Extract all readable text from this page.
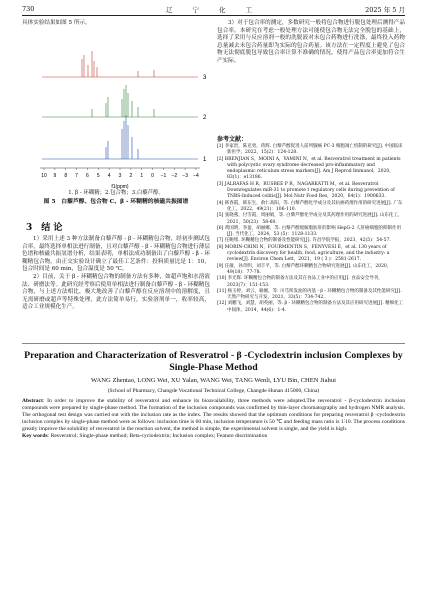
730	辽 宁 化 工	2025 年 5 月

具体实验结果如图 5 所示。

3
2
1
10 9 8 7 6 5 4 3 2 1 0 −1 −2 −3 −4
f1(ppm)
1. β - 环糊精；2.包合物；3.白藜芦醇。
图 5　白藜芦醇、包合物 C、β - 环糊精的核磁共振图谱
3　结 论

1）采用上述 3 种方法制备白藜芦醇 - β - 环糊精包合物，经初步测试包合率，最终选择单相法进行制备，且对白藜芦醇 - β - 环糊精包合物进行薄层色谱和核磁共振氢谱分析，结果表明，单相法成功制备出了白藜芦醇 - β - 环糊精包合物。由正交实验设计确立了最佳工艺条件：投料质量比是 1：10，包合时间是 60 min，包合温度是 50 ℃。

2）目前，关于 β - 环糊精包合物的制备方法有多种，如超声饱和水溶液法、研磨法等。此研究经考察后使用单相法进行制备白藜芦醇 - β - 环糊精包合物，与上述方法相比，极大地改善了白藜芦醇在反应溶剂中的溶解度，且无需研磨或超声等特殊处理，此方法简单易行，实验溶剂单一，收率较高，适合工业规模化生产。

3）对于包合率的测定，多数研究一般将包合物进行脱包处理后测得产品包合率。本研究在考虑一般处理方法可能使包合物无法完全脱包的基础上，选择了采用与反应溶剂一般的洗脱液对未包合药物进行洗涤，最终投入药物总量减去未包合药量即为实际的包合药量。该方法在一定程度上避免了包合物无法彻底脱包导致包合率计算不准确的情况，使得产品包合率更加符合生产实际。

参考文献：

[1] 李家贵，陈克勇，蒋辉. 白藜芦醇促进人前列腺癌 PC-3 细胞凋亡机制的研究[J]. 中国临床新医学，2022，15(2)：124-128.

[2] BRENJIAN S，MOINI A，YAMINI N，et al. Resveratrol treatment in patients with polycystic ovary syndrome decreased pro-inflammatory and endoplasmic reticulum stress markers[J]. Am J Reprod Immunol，2020，83(1)：e13186.

[3] JALRAFAS H R，RUSBEE P R，NAGARKATTI M，et al. Resveratrol Downregulates miR-31 to promote t regulatory cells during prevention of TNBS-Induced colitis[J]. Mol Nutr Food Res，2020，64(1)：1900633.

[4] 韩春霞，韩东生，俞仁高阳，等. 白藜芦醇化学成分及其抗癌药理作用的研究进展[J]. 广东化工，2022，49(21)：106-110.

[5] 张晓燕，付雪霞，周丽娟，等. 白藜芦醇化学成分及其药理作用的研究进展[J]. 山东化工，2021，50(23)：58-60.

[6] 黄国明，李盈，胡丽娜，等. 白藜芦醇缓解脂肪肝的影响 HepG-2 人肝癌细胞的抑制作用[J]. 当代化工，2024，53 (5)：1128-1133.

[7] 任鲍绪. 环糊精包合物的制备及性能研究[J]. 许昌学院学报，2023，42(5)：54-57.

[8] MORIN-CRINI N，FOURMENTIN S，FENYVESI É，et al. 130 years of cyclodextrin discovery for health, food, agriculture, and the industry: a review[J]. Environ Chem Lett，2021，19 ( 3 )：2581-2617.

[9] 任敏，孙奇明，刘丰平，等. 白藜芦醇环糊精包合物研究进展[J]. 山东化工，2020，49(18)：77-78.

[10] 李光辉. 环糊精包合物的制备方法及其在食品工业中的应用[J]. 食品安全导刊，2023(7)：151-153.

[11] 杨玉婷，刘云，喻刚，等. 川芎挥发油的丙基 - β - 环糊精包合物的制备及其性能研究[J]. 天然产物研究与开发，2021，33(5)：734-742.

[12] 刘鹏飞，刘慧，胡英丽，等. β - 环糊精包合物的制备方法及其应用研究进展[J]. 精细化工中间体，2014，44(6)：1-4.

Preparation and Characterization of Resveratrol - β -Cyclodextrin inclusion Complexes by Single-Phase Method
WANG Zhentao, LONG Wei, XU Yalan, WANG Wei, TANG Wenli, LYU Bin, CHEN Jiahui
(School of Pharmacy, Changde Vocational Technical College, Changde Hunan 415000, China)

Abstract: In order to improve the stability of resveratrol and enhance its bioavailability, three methods were adopted.The resveratrol - β-cyclodextrin inclusion compounds were prepared by single-phase method. The formation of the inclusion compounds was confirmed by thin-layer chromatography and hydrogen NMR analysis. The orthogonal test design was carried out with the inclusion rate as the index. The results showed that the optimum conditions for preparing resveratrol β -cyclodextrin inclusion complex by single-phase method were as follows: inclusion time is 60 min, inclusion temperature is 50 ℃ and feeding mass ratio is 1∶10. The process conditions greatly improve the solubility of resveratrol in the reaction solvent, the method is simple, the experimental solvent is single, and the yield is high.

Key words: Resveratrol; Single-phase method; Beta-cyclodextrin; Inclusion complex; Feature discrimination
